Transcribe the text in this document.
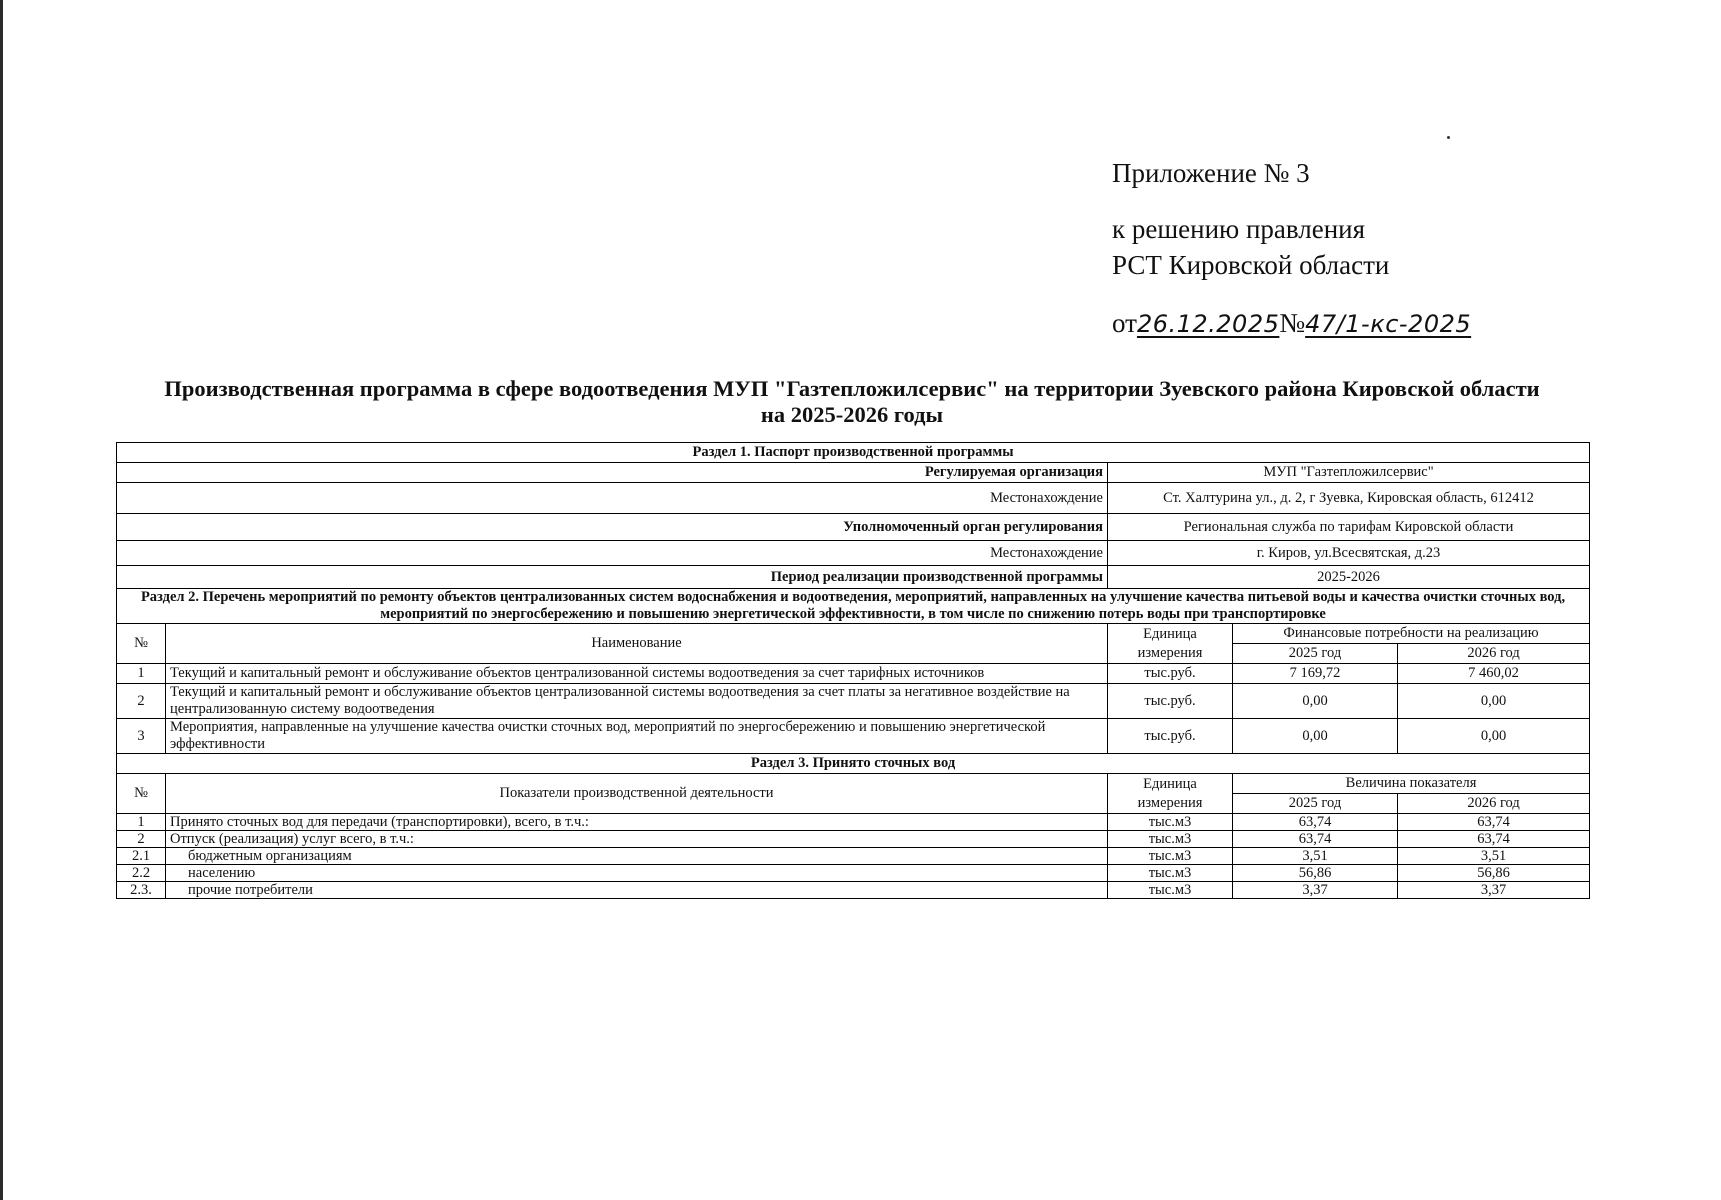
Приложение № 3
к решению правления
РСТ Кировской области
от 26.12.2025 № 47/1-кс-2025
Производственная программа в сфере водоотведения МУП "Газтепложилсервис" на территории Зуевского района Кировской области
на 2025-2026 годы
Раздел 1. Паспорт производственной программы				
Регулируемая организация		МУП "Газтепложилсервис"		
Местонахождение		Ст. Халтурина ул., д. 2, г Зуевка, Кировская область, 612412		
Уполномоченный орган регулирования		Региональная служба по тарифам Кировской области		
Местонахождение		г. Киров, ул.Всесвятская, д.23		
Период реализации производственной программы		2025-2026		
Раздел 2. Перечень мероприятий по ремонту объектов централизованных систем водоснабжения и водоотведения, мероприятий, направленных на улучшение качества питьевой воды и качества очистки сточных вод, мероприятий по энергосбережению и повышению энергетической эффективности, в том числе по снижению потерь воды при транспортировке				
№	Наименование	Единица измерения	Финансовые потребности на реализацию	
			2025 год	2026 год
1	Текущий и капитальный ремонт и обслуживание объектов централизованной системы водоотведения за счет тарифных источников	тыс.руб.	7 169,72	7 460,02
2	Текущий и капитальный ремонт и обслуживание объектов централизованной системы водоотведения за счет платы за негативное воздействие на централизованную систему водоотведения	тыс.руб.	0,00	0,00
3	Мероприятия, направленные на улучшение качества очистки сточных вод, мероприятий по энергосбережению и повышению энергетической эффективности	тыс.руб.	0,00	0,00
Раздел 3. Принято сточных вод				
№	Показатели производственной деятельности	Единица измерения	Величина показателя	
			2025 год	2026 год
1	Принято сточных вод для передачи (транспортировки), всего, в т.ч.:	тыс.м3	63,74	63,74
2	Отпуск (реализация) услуг всего, в т.ч.:	тыс.м3	63,74	63,74
2.1	бюджетным организациям	тыс.м3	3,51	3,51
2.2	населению	тыс.м3	56,86	56,86
2.3.	прочие потребители	тыс.м3	3,37	3,37
